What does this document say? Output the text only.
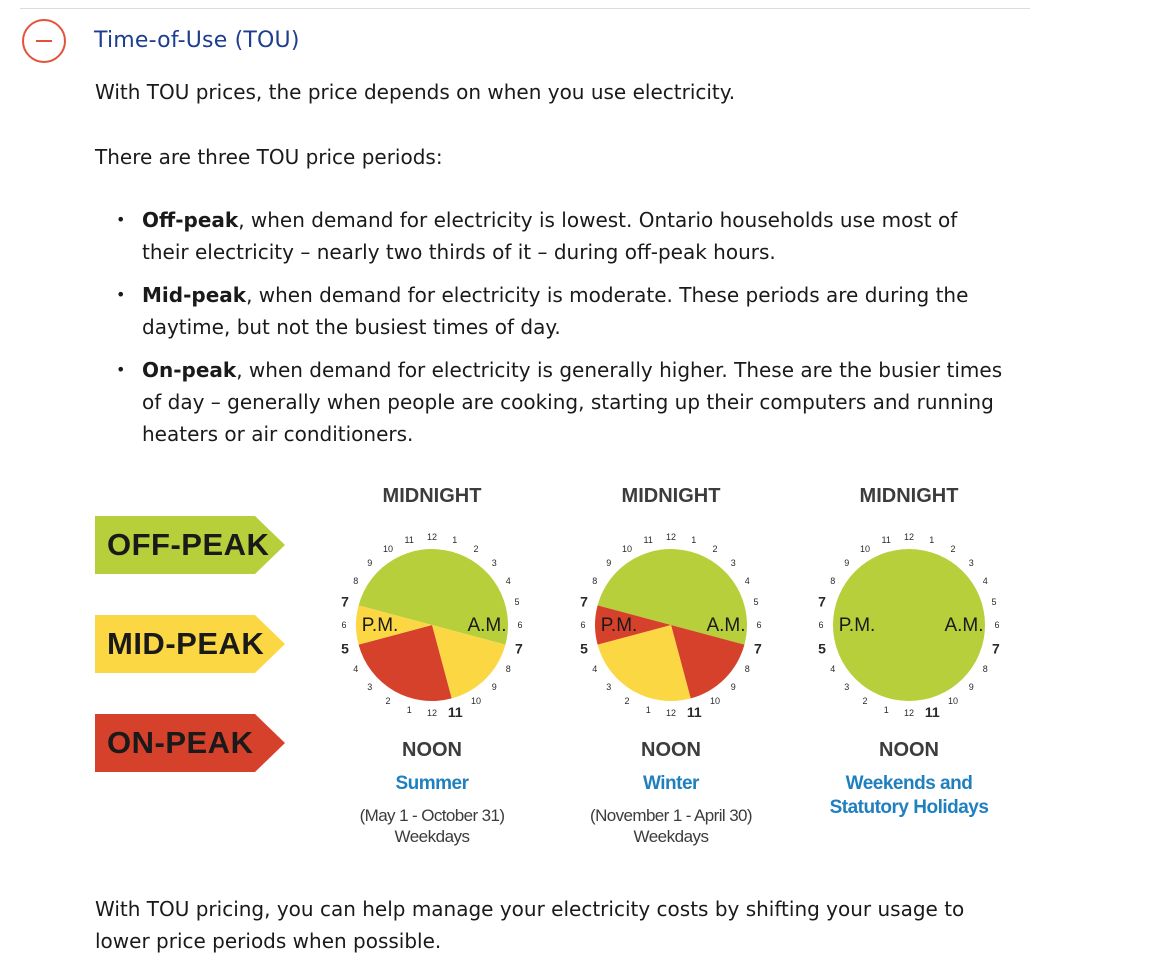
Time-of-Use (TOU)

With TOU prices, the price depends on when you use electricity.

There are three TOU price periods:

• Off-peak, when demand for electricity is lowest. Ontario households use most of their electricity – nearly two thirds of it – during off-peak hours.
• Mid-peak, when demand for electricity is moderate. These periods are during the daytime, but not the busiest times of day.
• On-peak, when demand for electricity is generally higher. These are the busier times of day – generally when people are cooking, starting up their computers and running heaters or air conditioners.
OFF-PEAK
MID-PEAK
ON-PEAK
MIDNIGHT
12 1
2
3
4
5
6
7
8
9
10
11
12
1
2
3
4
5
6
7
8
9
10
11
P.M.	A.M.
NOON
Summer
(May 1 - October 31)
Weekdays
MIDNIGHT
12 1
2
3
4
5
6
7
8
9
10
11
12
1
2
3
4
5
6
7
8
9
10
11
P.M.	A.M.
NOON
Winter
(November 1 - April 30)
Weekdays
MIDNIGHT
12 1
2
3
4
5
6
7
8
9
10
11
12
1
2
3
4
5
6
7
8
9
10
11
P.M.	A.M.
NOON
Weekends and
Statutory Holidays

With TOU pricing, you can help manage your electricity costs by shifting your usage to lower price periods when possible.
